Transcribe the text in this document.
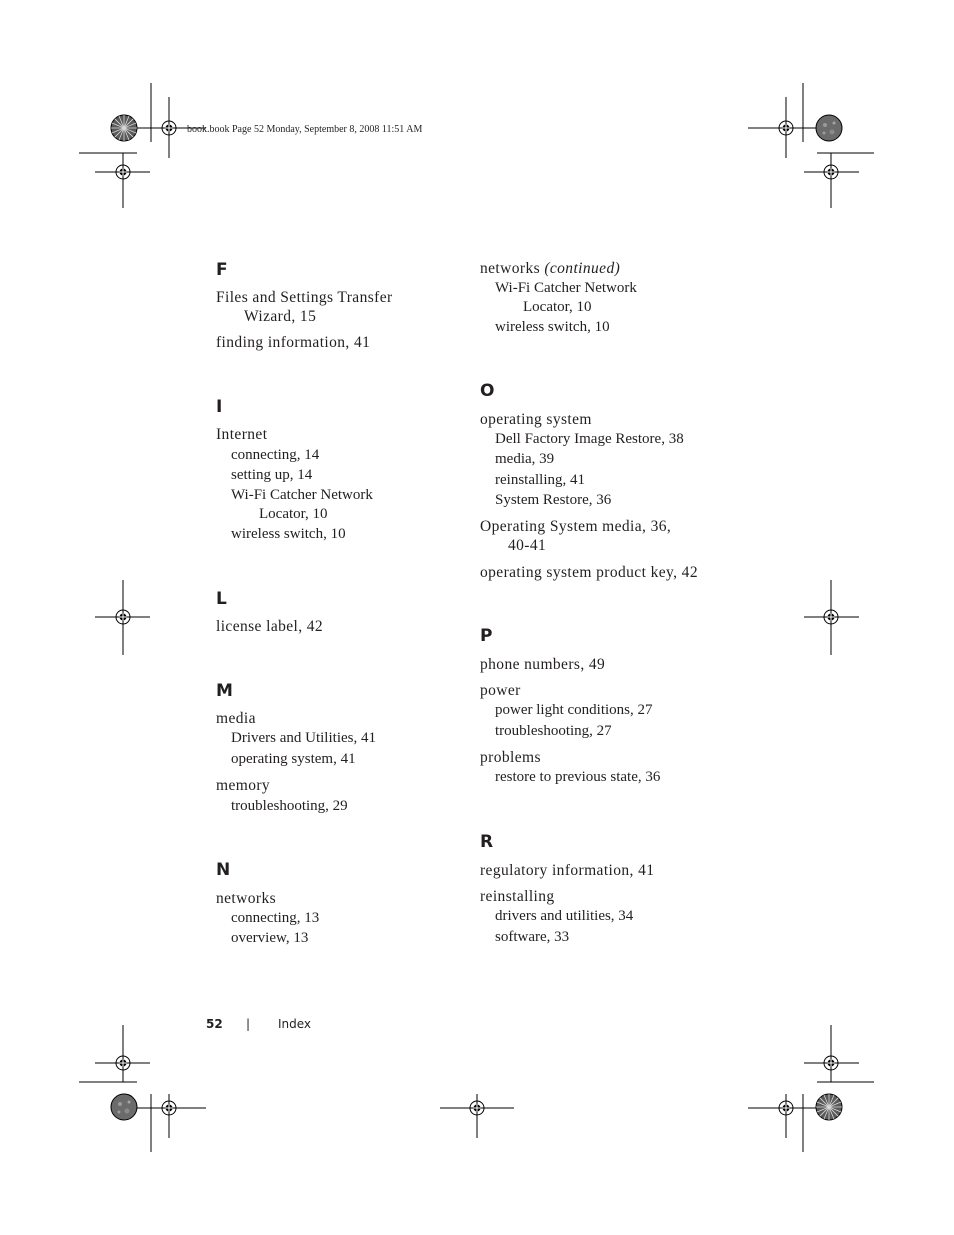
book.book Page 52 Monday, September 8, 2008 11:51 AM
F
Files and Settings Transfer
Wizard, 15
finding information, 41
I
Internet
connecting, 14
setting up, 14
Wi-Fi Catcher Network
Locator, 10
wireless switch, 10
L
license label, 42
M
media
Drivers and Utilities, 41
operating system, 41
memory
troubleshooting, 29
N
networks
connecting, 13
overview, 13
networks (continued)
Wi-Fi Catcher Network
Locator, 10
wireless switch, 10
O
operating system
Dell Factory Image Restore, 38
media, 39
reinstalling, 41
System Restore, 36
Operating System media, 36,
40-41
operating system product key, 42
P
phone numbers, 49
power
power light conditions, 27
troubleshooting, 27
problems
restore to previous state, 36
R
regulatory information, 41
reinstalling
drivers and utilities, 34
software, 33
52 | Index
